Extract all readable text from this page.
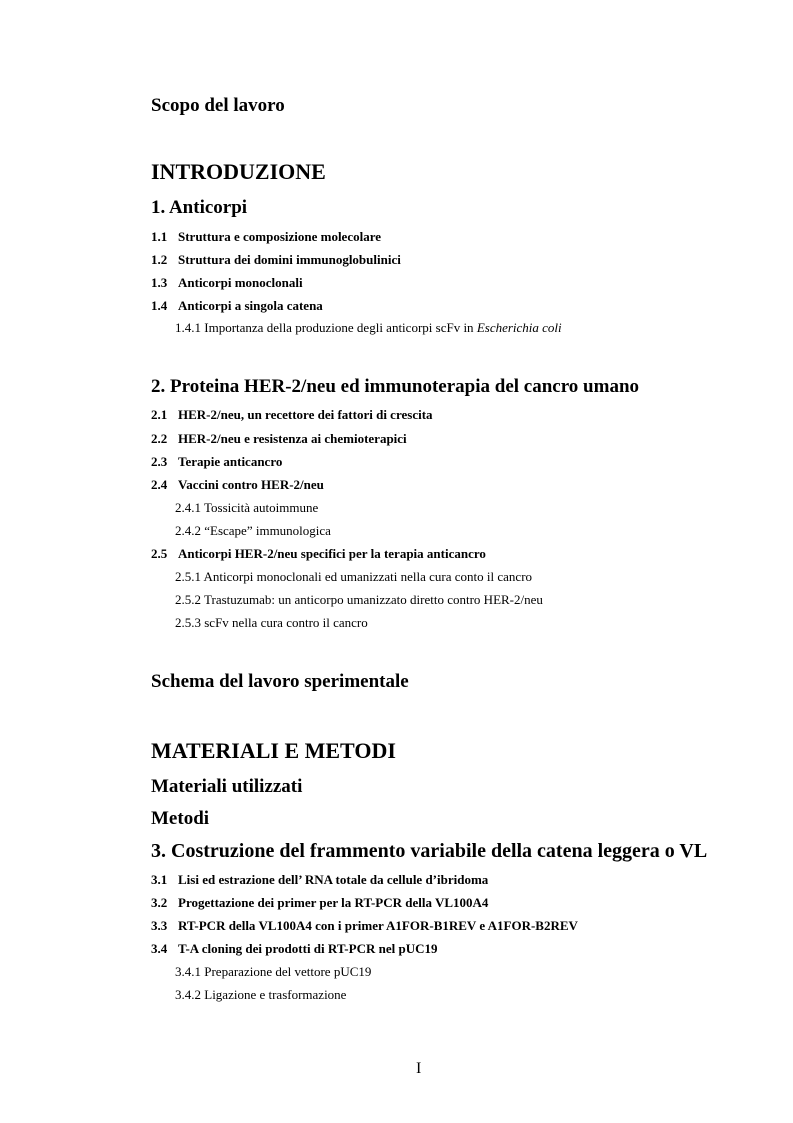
Scopo del lavoro
INTRODUZIONE
1. Anticorpi
1.1 Struttura e composizione molecolare
1.2 Struttura dei domini immunoglobulinici
1.3 Anticorpi monoclonali
1.4 Anticorpi a singola catena
1.4.1 Importanza della produzione degli anticorpi scFv in Escherichia coli
2. Proteina HER-2/neu ed immunoterapia del cancro umano
2.1 HER-2/neu, un recettore dei fattori di crescita
2.2 HER-2/neu e resistenza ai chemioterapici
2.3 Terapie anticancro
2.4 Vaccini contro HER-2/neu
2.4.1 Tossicità autoimmune
2.4.2 “Escape” immunologica
2.5 Anticorpi HER-2/neu specifici per la terapia anticancro
2.5.1 Anticorpi monoclonali ed umanizzati nella cura conto il cancro
2.5.2 Trastuzumab: un anticorpo umanizzato diretto contro HER-2/neu
2.5.3 scFv nella cura contro il cancro
Schema del lavoro sperimentale
MATERIALI E METODI
Materiali utilizzati
Metodi
3. Costruzione del frammento variabile della catena leggera o VL
3.1 Lisi ed estrazione dell’ RNA totale da cellule d’ibridoma
3.2 Progettazione dei primer per la RT-PCR della VL100A4
3.3 RT-PCR della VL100A4 con i primer A1FOR-B1REV e A1FOR-B2REV
3.4 T-A cloning dei prodotti di RT-PCR nel pUC19
3.4.1 Preparazione del vettore pUC19
3.4.2 Ligazione e trasformazione
I
